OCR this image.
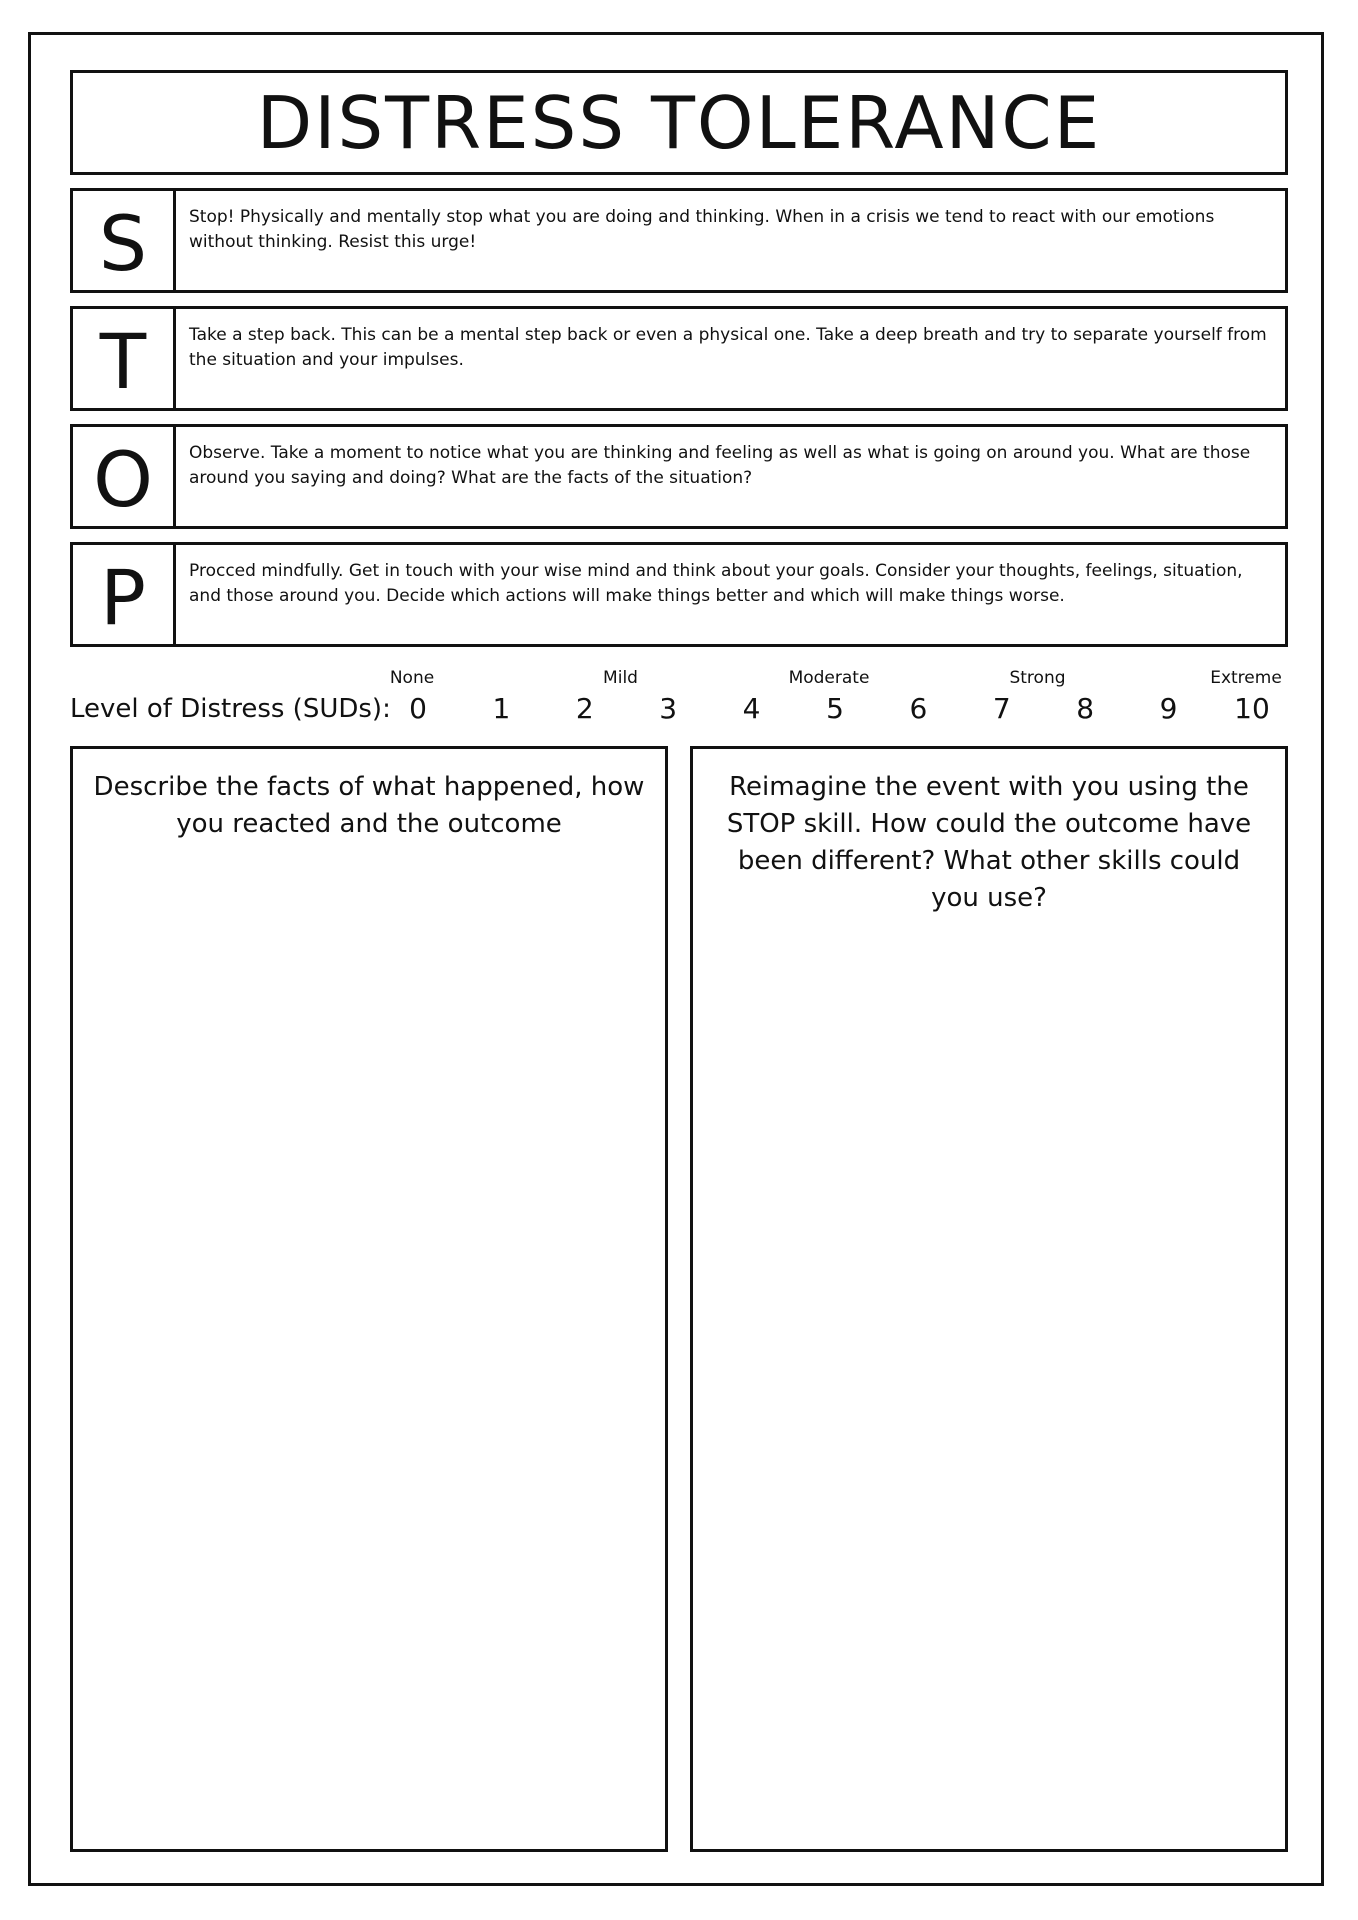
DISTRESS TOLERANCE
S	Stop! Physically and mentally stop what you are doing and thinking. When in a crisis we tend to react with our emotions without thinking. Resist this urge!
T	Take a step back. This can be a mental step back or even a physical one. Take a deep breath and try to separate yourself from the situation and your impulses.
O	Observe. Take a moment to notice what you are thinking and feeling as well as what is going on around you. What are those around you saying and doing? What are the facts of the situation?
P	Procced mindfully. Get in touch with your wise mind and think about your goals. Consider your thoughts, feelings, situation, and those around you. Decide which actions will make things better and which will make things worse.
Level of Distress (SUDs): 0 1 2 3 4 5 6 7 8 9 10
None	Mild	Moderate	Strong	Extreme
Describe the facts of what happened, how you reacted and the outcome
Reimagine the event with you using the STOP skill. How could the outcome have been different? What other skills could you use?
